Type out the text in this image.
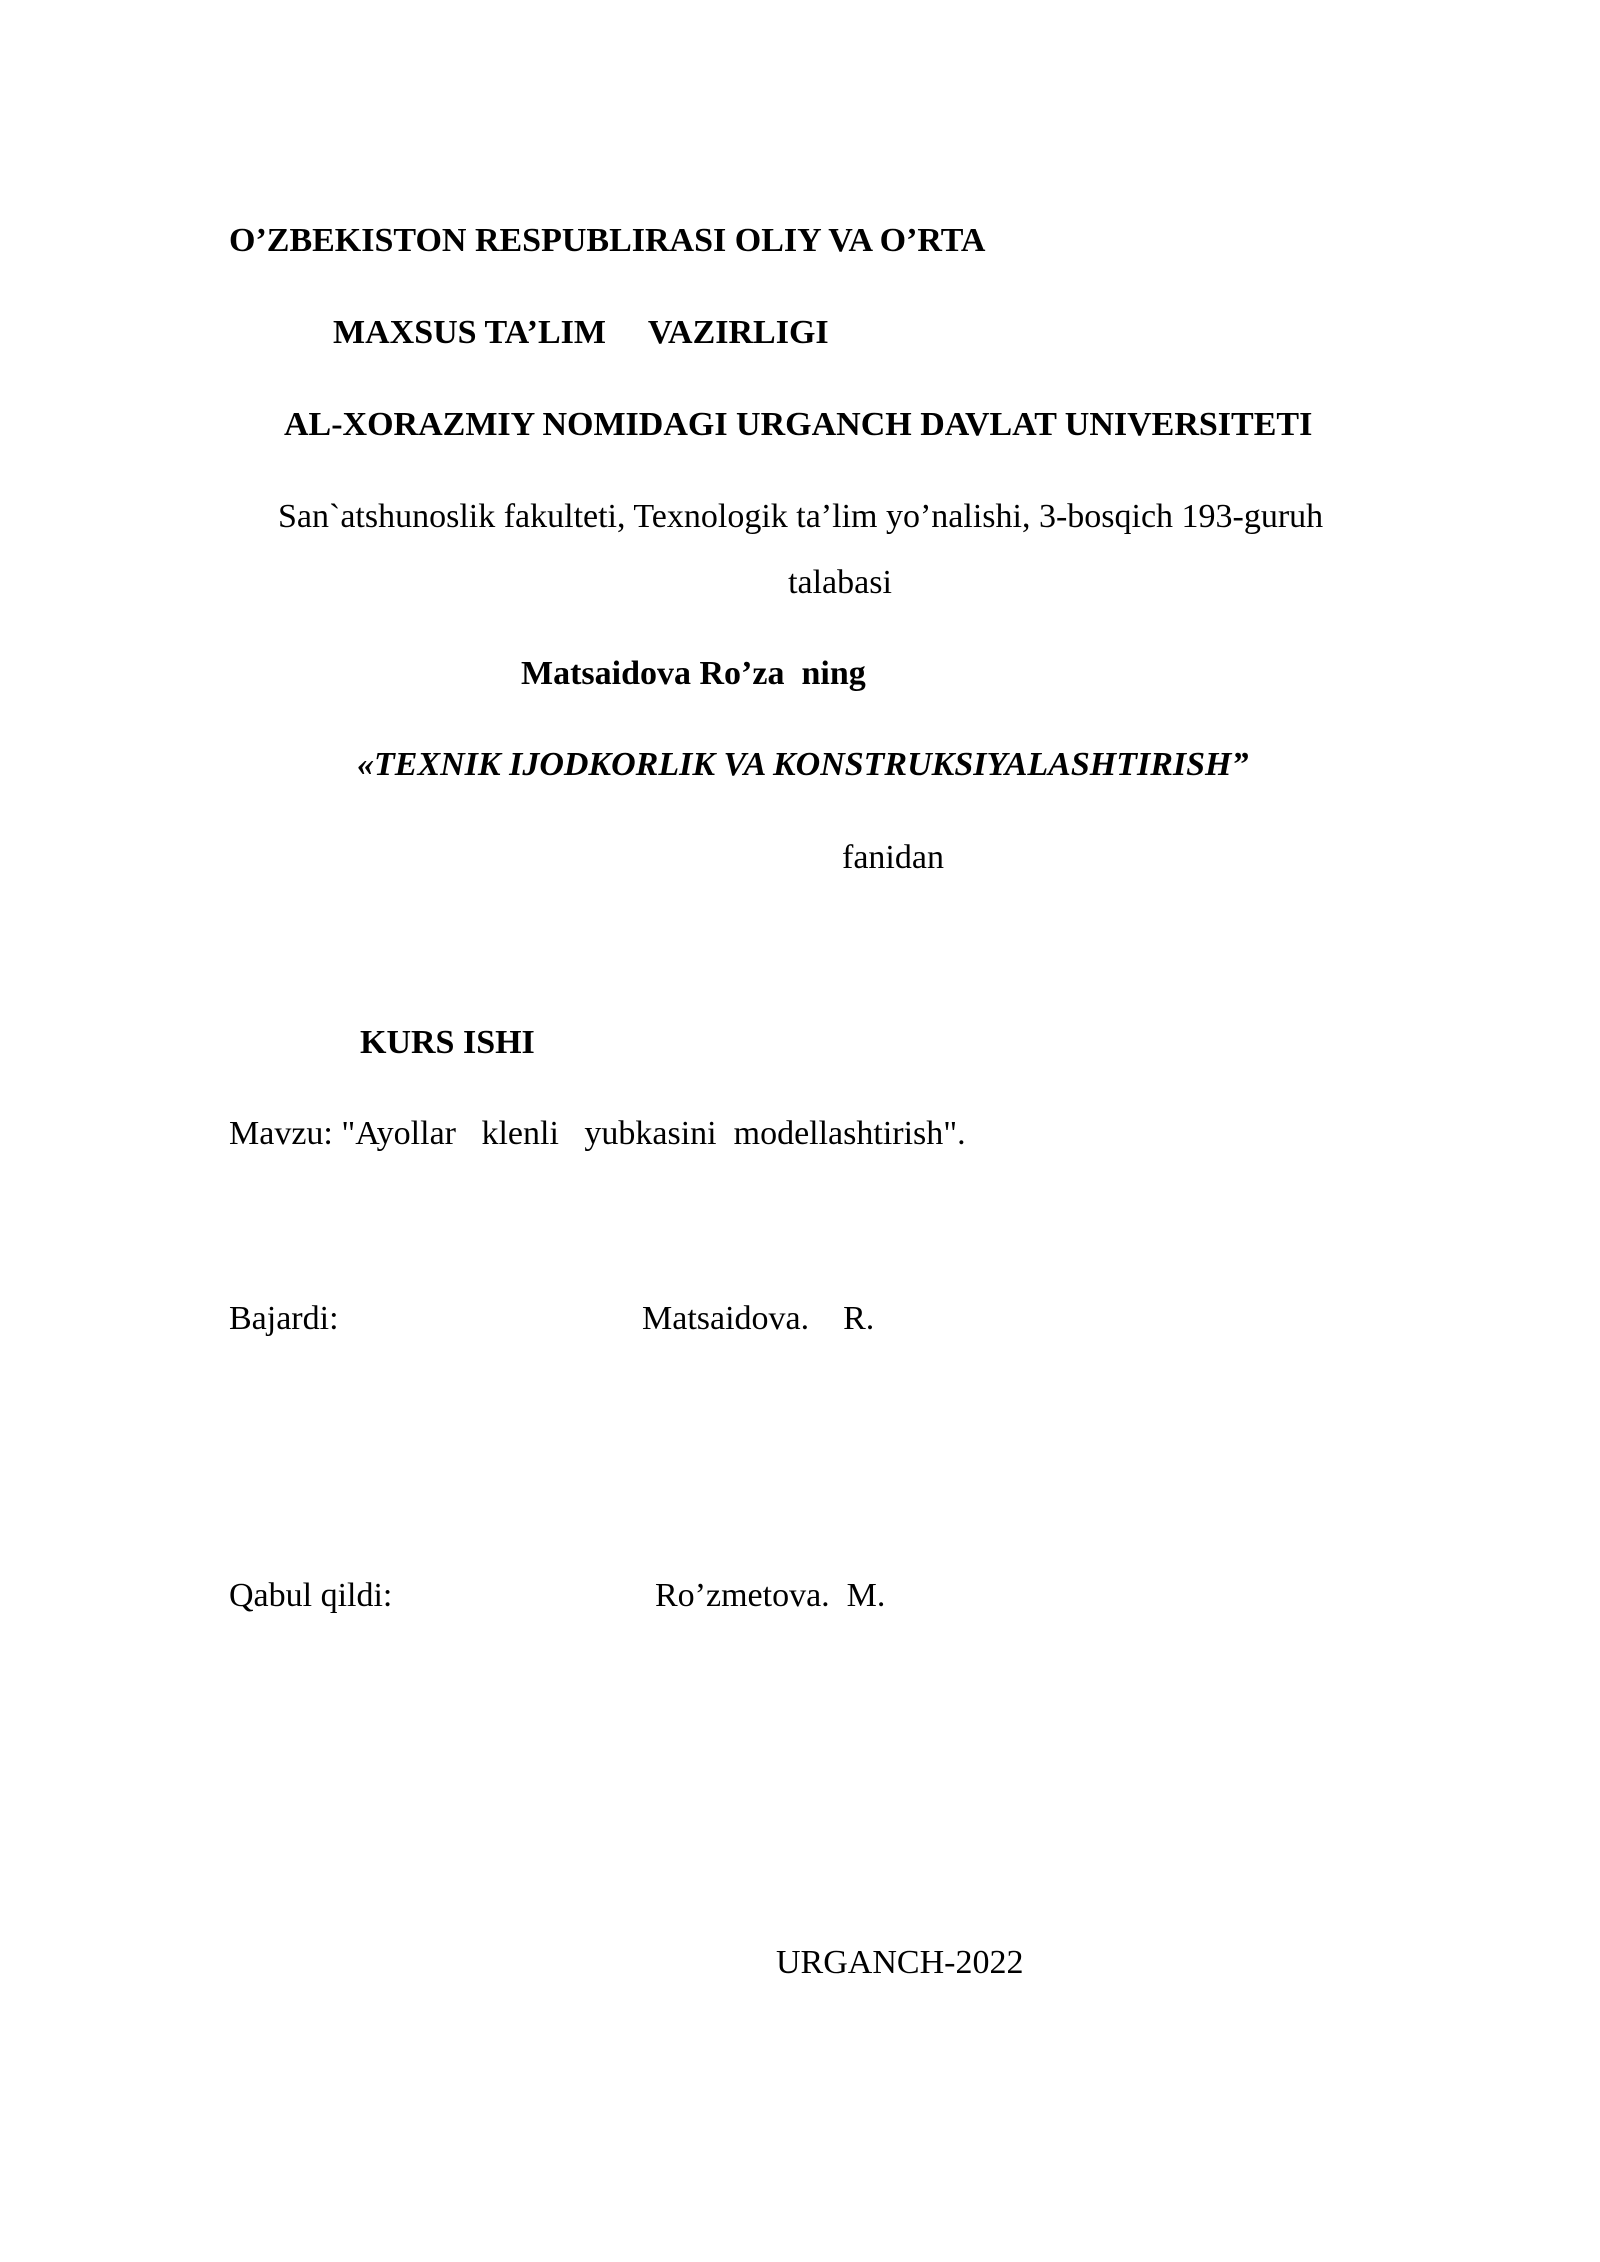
O’ZBEKISTON RESPUBLIRASI OLIY VA O’RTA
MAXSUS TA’LIM     VAZIRLIGI
AL-XORAZMIY NOMIDAGI URGANCH DAVLAT UNIVERSITETI
San`atshunoslik fakulteti, Texnologik ta’lim yo’nalishi, 3-bosqich 193-guruh
talabasi
Matsaidova Ro’za  ning
«TEXNIK IJODKORLIK VA KONSTRUKSIYALASHTIRISH”
fanidan
KURS ISHI
Mavzu: "Ayollar   klenli   yubkasini  modellashtirish".
Bajardi:	Matsaidova.    R.
Qabul qildi:	Ro’zmetova.  M.
URGANCH-2022
